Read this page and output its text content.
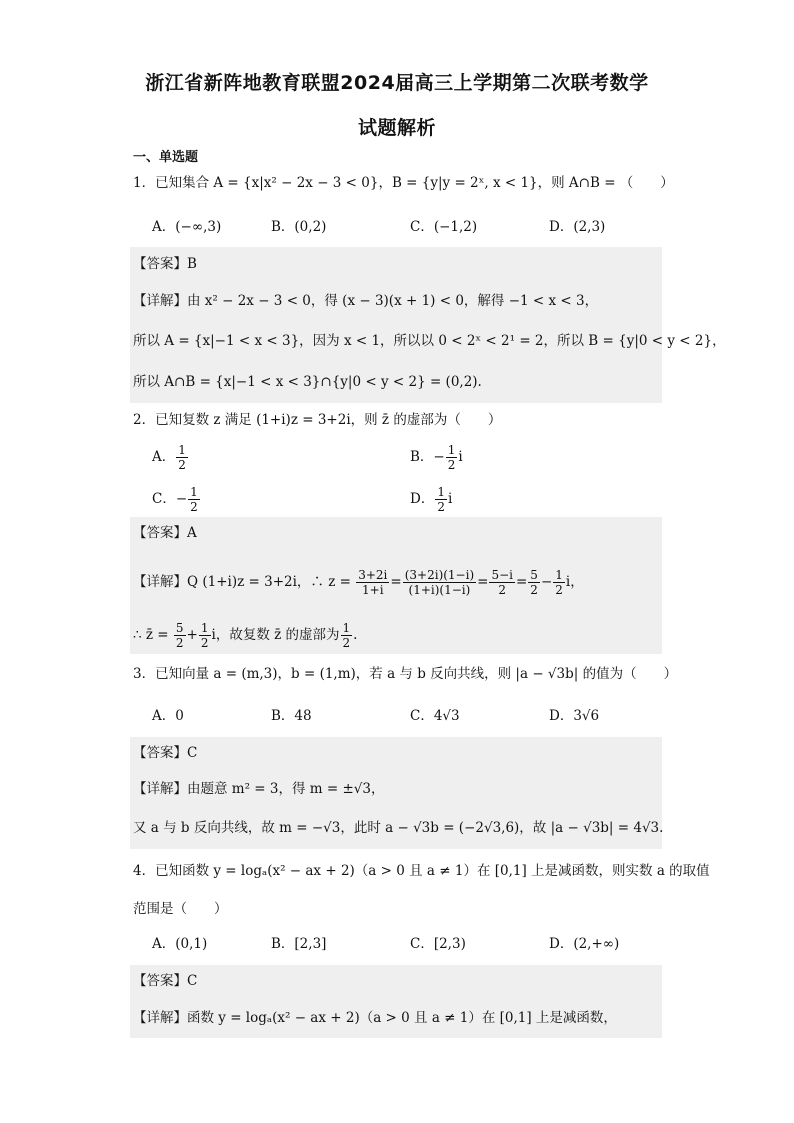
浙江省新阵地教育联盟2024届高三上学期第二次联考数学
试题解析
一、单选题
1．已知集合 A = {x|x² − 2x − 3 < 0}，B = {y|y = 2ˣ, x < 1}，则 A∩B = （　　）
A．(−∞,3)	B．(0,2)	C．(−1,2)	D．(2,3)
【答案】B
【详解】由 x² − 2x − 3 < 0，得 (x − 3)(x + 1) < 0，解得 −1 < x < 3，
所以 A = {x|−1 < x < 3}，因为 x < 1，所以以 0 < 2ˣ < 2¹ = 2，所以 B = {y|0 < y < 2}，
所以 A∩B = {x|−1 < x < 3}∩{y|0 < y < 2} = (0,2).
2．已知复数 z 满足 (1+i)z = 3+2i，则 z̄ 的虚部为（　　）
A． $\frac{1}{2}$	B．− $\frac{1}{2}$ i
C．− $\frac{1}{2}$	D． $\frac{1}{2}$ i
【答案】A
【详解】Q (1+i)z = 3+2i，∴ $z = \frac{3+2i}{1+i} = \frac{(3+2i)(1-i)}{(1+i)(1-i)} = \frac{5-i}{2} = \frac{5}{2} - \frac{1}{2}$ i，
∴ z̄ = $\frac{5}{2} + \frac{1}{2}$ i，故复数 z̄ 的虚部为 $\frac{1}{2}$ .
3．已知向量 a = (m,3)，b = (1,m)，若 a 与 b 反向共线，则 |a − √3b| 的值为（　　）
A．0	B．48	C．4√3	D．3√6
【答案】C
【详解】由题意 m² = 3，得 m = ±√3，
又 a 与 b 反向共线，故 m = −√3，此时 a − √3b = (−2√3,6)，故 |a − √3b| = 4√3.
4．已知函数 y = logₐ(x² − ax + 2)（a > 0 且 a ≠ 1）在 [0,1] 上是减函数，则实数 a 的取值
范围是（　　）
A．(0,1)	B．[2,3]	C．[2,3)	D．(2,+∞)
【答案】C
【详解】函数 y = logₐ(x² − ax + 2)（a > 0 且 a ≠ 1）在 [0,1] 上是减函数，
